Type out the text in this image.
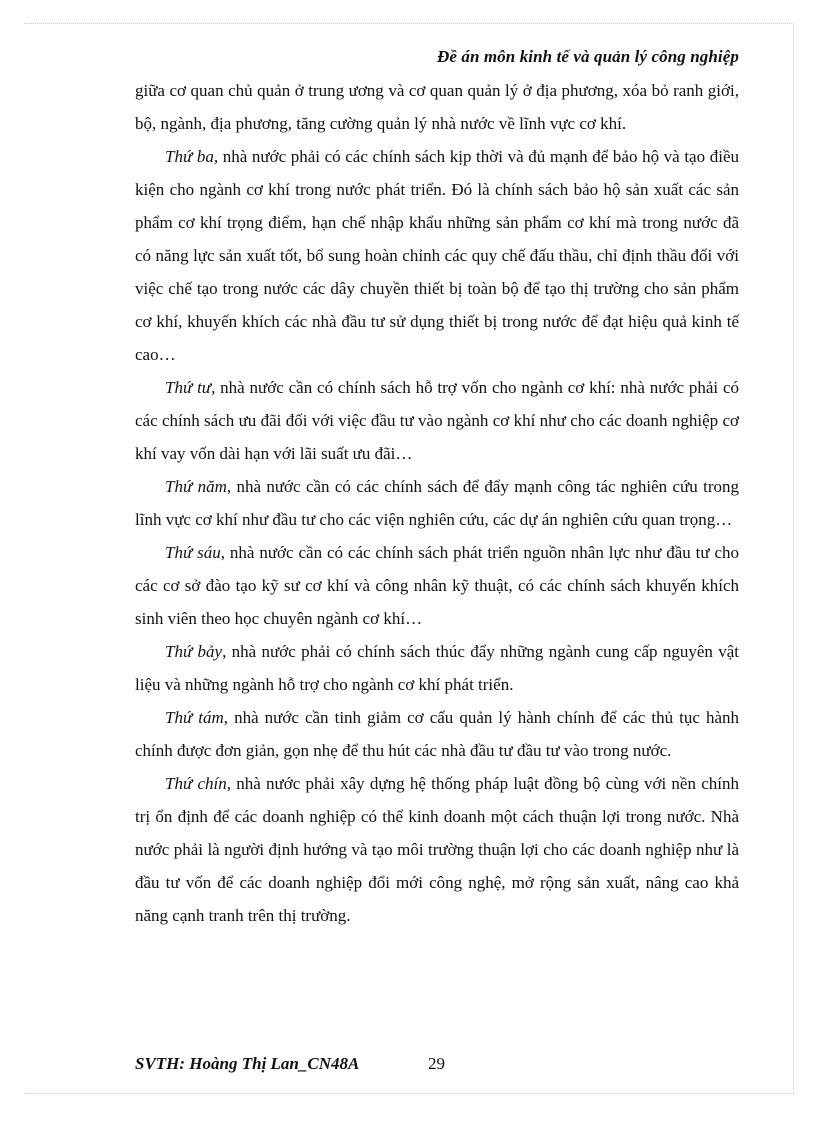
Đề án môn kinh tế và quản lý công nghiệp

giữa cơ quan chủ quản ở trung ương và cơ quan quản lý ở địa phương, xóa bỏ ranh giới, bộ, ngành, địa phương, tăng cường quản lý nhà nước về lĩnh vực cơ khí.

Thứ ba, nhà nước phải có các chính sách kịp thời và đủ mạnh để bảo hộ và tạo điều kiện cho ngành cơ khí trong nước phát triển. Đó là chính sách bảo hộ sản xuất các sản phẩm cơ khí trọng điểm, hạn chế nhập khẩu những sản phẩm cơ khí mà trong nước đã có năng lực sản xuất tốt, bổ sung hoàn chỉnh các quy chế đấu thầu, chỉ định thầu đối với việc chế tạo trong nước các dây chuyền thiết bị toàn bộ để tạo thị trường cho sản phẩm cơ khí, khuyến khích các nhà đầu tư sử dụng thiết bị trong nước để đạt hiệu quả kinh tế cao…

Thứ tư, nhà nước cần có chính sách hỗ trợ vốn cho ngành cơ khí: nhà nước phải có các chính sách ưu đãi đối với việc đầu tư vào ngành cơ khí như cho các doanh nghiệp cơ khí vay vốn dài hạn với lãi suất ưu đãi…

Thứ năm, nhà nước cần có các chính sách để đẩy mạnh công tác nghiên cứu trong lĩnh vực cơ khí như đầu tư cho các viện nghiên cứu, các dự án nghiên cứu quan trọng…

Thứ sáu, nhà nước cần có các chính sách phát triển nguồn nhân lực như đầu tư cho các cơ sở đào tạo kỹ sư cơ khí và công nhân kỹ thuật, có các chính sách khuyến khích sinh viên theo học chuyên ngành cơ khí…

Thứ bảy, nhà nước phải có chính sách thúc đẩy những ngành cung cấp nguyên vật liệu và những ngành hỗ trợ cho ngành cơ khí phát triển.

Thứ tám, nhà nước cần tinh giảm cơ cấu quản lý hành chính để các thủ tục hành chính được đơn giản, gọn nhẹ để thu hút các nhà đầu tư đầu tư vào trong nước.

Thứ chín, nhà nước phải xây dựng hệ thống pháp luật đồng bộ cùng với nền chính trị ổn định để các doanh nghiệp có thể kinh doanh một cách thuận lợi trong nước. Nhà nước phải là người định hướng và tạo môi trường thuận lợi cho các doanh nghiệp như là đầu tư vốn để các doanh nghiệp đổi mới công nghệ, mở rộng sản xuất, nâng cao khả năng cạnh tranh trên thị trường.

SVTH: Hoàng Thị Lan_CN48A	29
